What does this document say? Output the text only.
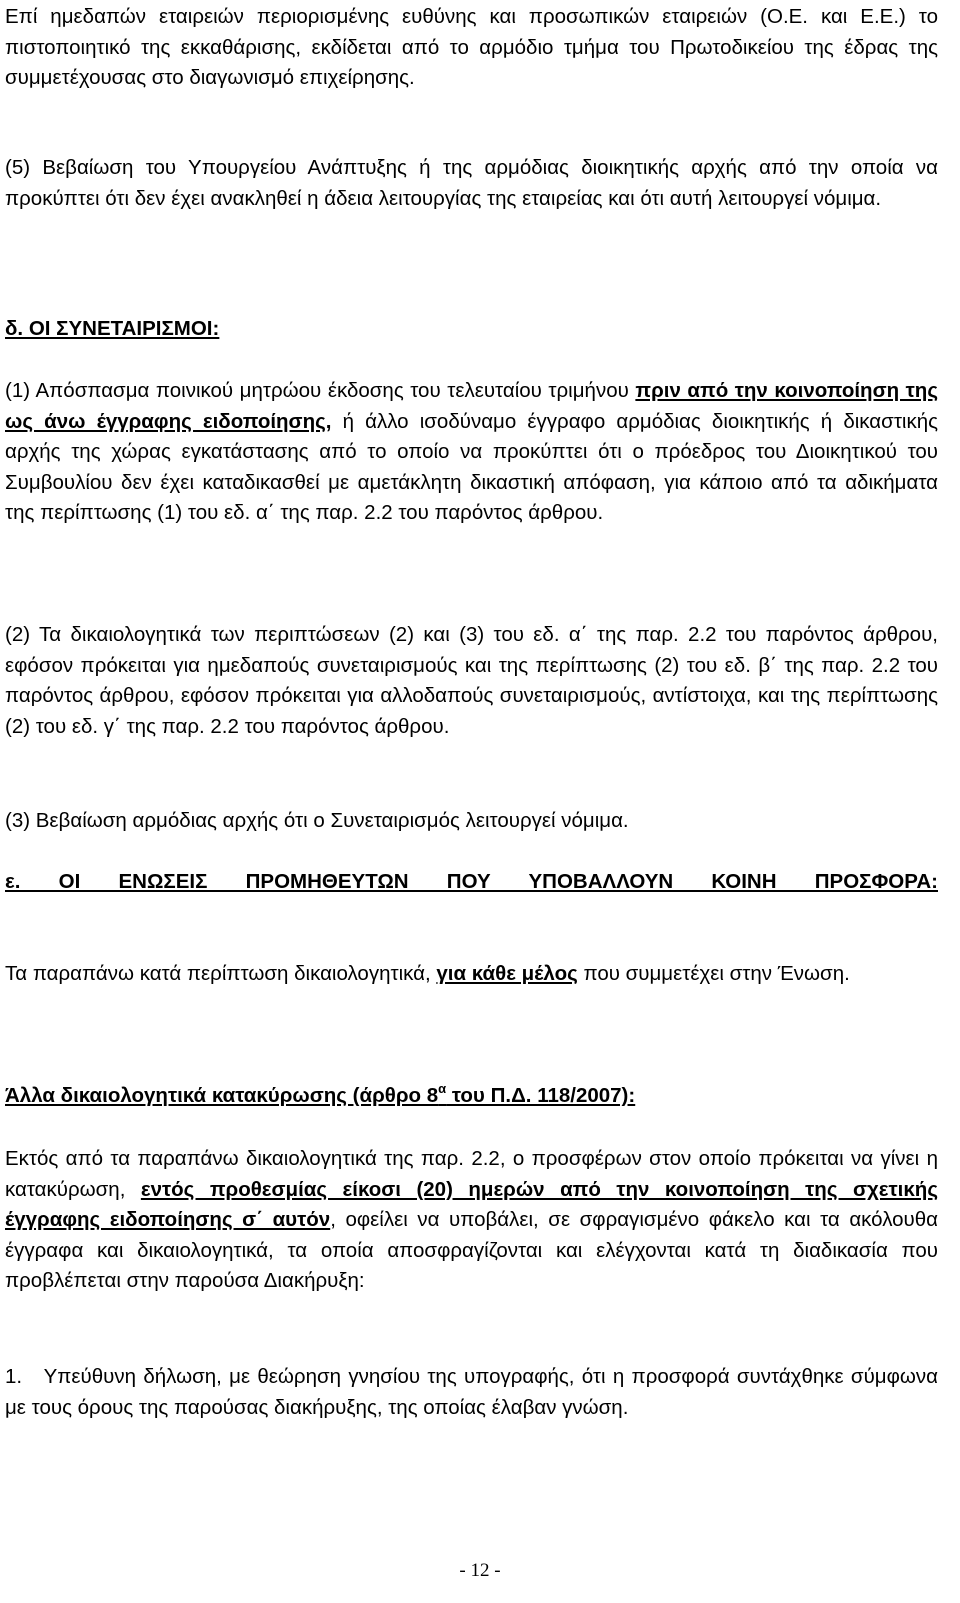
Επί ημεδαπών εταιρειών περιορισμένης ευθύνης και προσωπικών εταιρειών (Ο.Ε. και Ε.Ε.) το πιστοποιητικό της εκκαθάρισης, εκδίδεται από το αρμόδιο τμήμα του Πρωτοδικείου της έδρας της συμμετέχουσας στο διαγωνισμό επιχείρησης.

(5) Βεβαίωση του Υπουργείου Ανάπτυξης ή της αρμόδιας διοικητικής αρχής από την οποία να προκύπτει ότι δεν έχει ανακληθεί η άδεια λειτουργίας της εταιρείας και ότι αυτή λειτουργεί νόμιμα.

δ. ΟΙ ΣΥΝΕΤΑΙΡΙΣΜΟΙ:

(1) Απόσπασμα ποινικού μητρώου έκδοσης του τελευταίου τριμήνου πριν από την κοινοποίηση της ως άνω έγγραφης ειδοποίησης, ή άλλο ισοδύναμο έγγραφο αρμόδιας διοικητικής ή δικαστικής αρχής της χώρας εγκατάστασης από το οποίο να προκύπτει ότι ο πρόεδρος του Διοικητικού του Συμβουλίου δεν έχει καταδικασθεί με αμετάκλητη δικαστική απόφαση, για κάποιο από τα αδικήματα της περίπτωσης (1) του εδ. α΄ της παρ. 2.2 του παρόντος άρθρου.

(2) Τα δικαιολογητικά των περιπτώσεων (2) και (3) του εδ. α΄ της παρ. 2.2 του παρόντος άρθρου, εφόσον πρόκειται για ημεδαπούς συνεταιρισμούς και της περίπτωσης (2) του εδ. β΄ της παρ. 2.2 του παρόντος άρθρου, εφόσον πρόκειται για αλλοδαπούς συνεταιρισμούς, αντίστοιχα, και της περίπτωσης (2) του εδ. γ΄ της παρ. 2.2 του παρόντος άρθρου.

(3) Βεβαίωση αρμόδιας αρχής ότι ο Συνεταιρισμός λειτουργεί νόμιμα.

ε. ΟΙ ΕΝΩΣΕΙΣ ΠΡΟΜΗΘΕΥΤΩΝ ΠΟΥ ΥΠΟΒΑΛΛΟΥΝ ΚΟΙΝΗ ΠΡΟΣΦΟΡΑ:

Τα παραπάνω κατά περίπτωση δικαιολογητικά, για κάθε μέλος που συμμετέχει στην Ένωση.

Άλλα δικαιολογητικά κατακύρωσης (άρθρο $8^\alpha$ του Π.Δ. 118/2007):

Εκτός από τα παραπάνω δικαιολογητικά της παρ. 2.2, ο προσφέρων στον οποίο πρόκειται να γίνει η κατακύρωση, εντός προθεσμίας είκοσι (20) ημερών από την κοινοποίηση της σχετικής έγγραφης ειδοποίησης σ΄ αυτόν, οφείλει να υποβάλει, σε σφραγισμένο φάκελο και τα ακόλουθα έγγραφα και δικαιολογητικά, τα οποία αποσφραγίζονται και ελέγχονται κατά τη διαδικασία που προβλέπεται στην παρούσα Διακήρυξη:

1.   Υπεύθυνη δήλωση, με θεώρηση γνησίου της υπογραφής, ότι η προσφορά συντάχθηκε σύμφωνα με τους όρους της παρούσας διακήρυξης, της οποίας έλαβαν γνώση.

- 12 -
